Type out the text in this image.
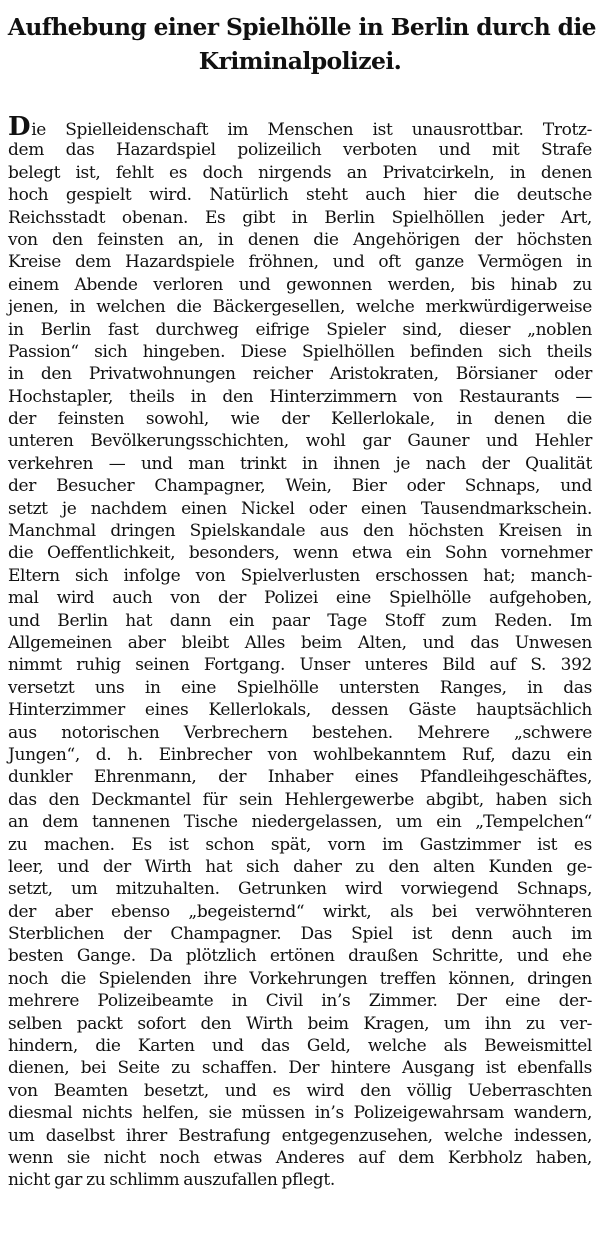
Aufhebung einer Spielhölle in Berlin durch die
Kriminalpolizei.
Die Spielleidenschaft im Menschen ist unausrottbar. Trotz-
dem das Hazardspiel polizeilich verboten und mit Strafe
belegt ist, fehlt es doch nirgends an Privatcirkeln, in denen
hoch gespielt wird. Natürlich steht auch hier die deutsche
Reichsstadt obenan. Es gibt in Berlin Spielhöllen jeder Art,
von den feinsten an, in denen die Angehörigen der höchsten
Kreise dem Hazardspiele fröhnen, und oft ganze Vermögen in
einem Abende verloren und gewonnen werden, bis hinab zu
jenen, in welchen die Bäckergesellen, welche merkwürdigerweise
in Berlin fast durchweg eifrige Spieler sind, dieser „noblen
Passion“ sich hingeben. Diese Spielhöllen befinden sich theils
in den Privatwohnungen reicher Aristokraten, Börsianer oder
Hochstapler, theils in den Hinterzimmern von Restaurants —
der feinsten sowohl, wie der Kellerlokale, in denen die
unteren Bevölkerungsschichten, wohl gar Gauner und Hehler
verkehren — und man trinkt in ihnen je nach der Qualität
der Besucher Champagner, Wein, Bier oder Schnaps, und
setzt je nachdem einen Nickel oder einen Tausendmarkschein.
Manchmal dringen Spielskandale aus den höchsten Kreisen in
die Oeffentlichkeit, besonders, wenn etwa ein Sohn vornehmer
Eltern sich infolge von Spielverlusten erschossen hat; manch-
mal wird auch von der Polizei eine Spielhölle aufgehoben,
und Berlin hat dann ein paar Tage Stoff zum Reden. Im
Allgemeinen aber bleibt Alles beim Alten, und das Unwesen
nimmt ruhig seinen Fortgang. Unser unteres Bild auf S. 392
versetzt uns in eine Spielhölle untersten Ranges, in das
Hinterzimmer eines Kellerlokals, dessen Gäste hauptsächlich
aus notorischen Verbrechern bestehen. Mehrere „schwere
Jungen“, d. h. Einbrecher von wohlbekanntem Ruf, dazu ein
dunkler Ehrenmann, der Inhaber eines Pfandleihgeschäftes,
das den Deckmantel für sein Hehlergewerbe abgibt, haben sich
an dem tannenen Tische niedergelassen, um ein „Tempelchen“
zu machen. Es ist schon spät, vorn im Gastzimmer ist es
leer, und der Wirth hat sich daher zu den alten Kunden ge-
setzt, um mitzuhalten. Getrunken wird vorwiegend Schnaps,
der aber ebenso „begeisternd“ wirkt, als bei verwöhnteren
Sterblichen der Champagner. Das Spiel ist denn auch im
besten Gange. Da plötzlich ertönen draußen Schritte, und ehe
noch die Spielenden ihre Vorkehrungen treffen können, dringen
mehrere Polizeibeamte in Civil in’s Zimmer. Der eine der-
selben packt sofort den Wirth beim Kragen, um ihn zu ver-
hindern, die Karten und das Geld, welche als Beweismittel
dienen, bei Seite zu schaffen. Der hintere Ausgang ist ebenfalls
von Beamten besetzt, und es wird den völlig Ueberraschten
diesmal nichts helfen, sie müssen in’s Polizeigewahrsam wandern,
um daselbst ihrer Bestrafung entgegenzusehen, welche indessen,
wenn sie nicht noch etwas Anderes auf dem Kerbholz haben,
nicht gar zu schlimm auszufallen pflegt.
